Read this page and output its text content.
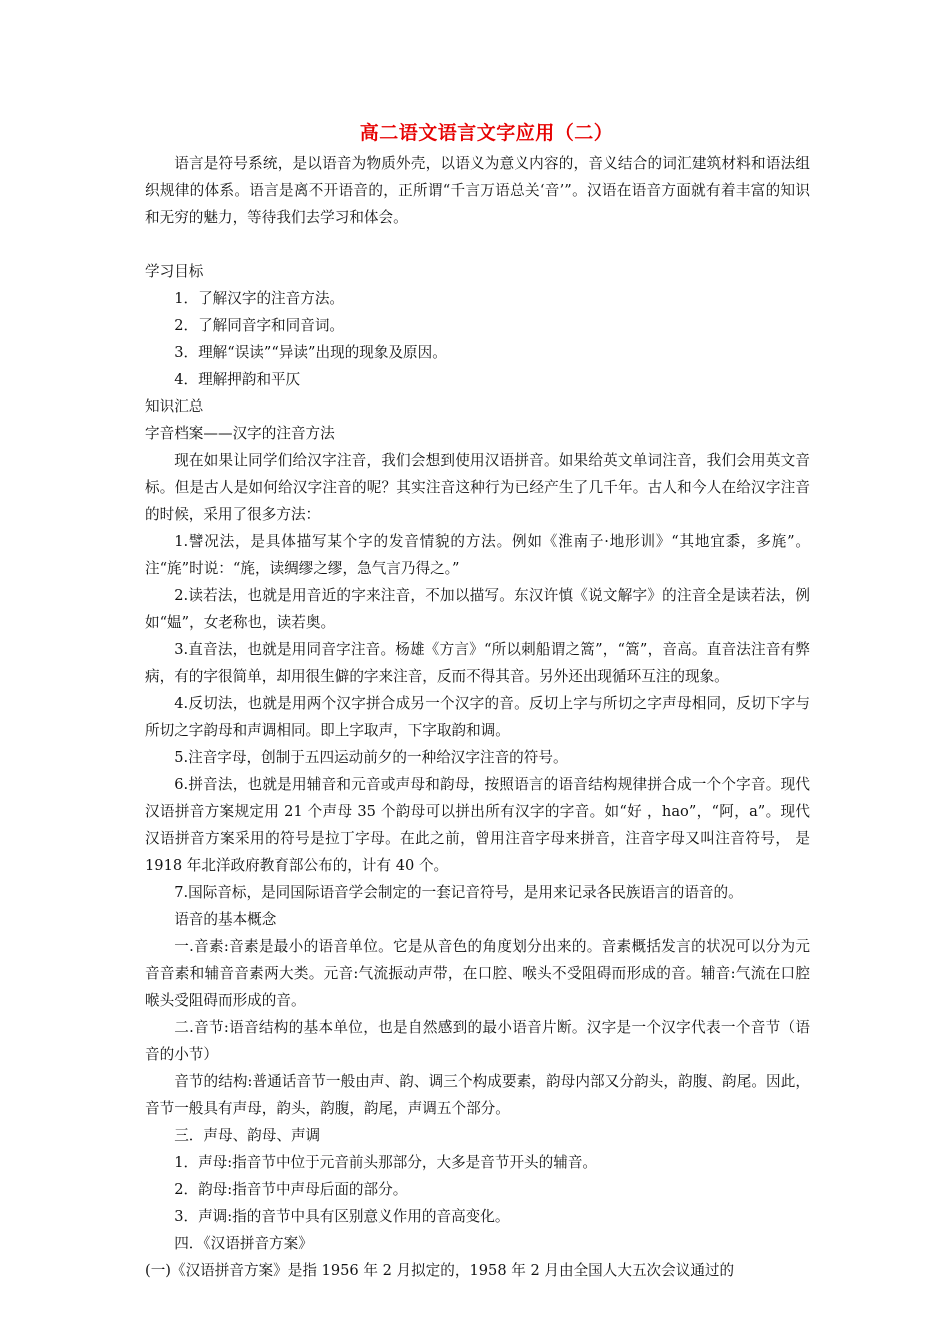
高二语文语言文字应用（二）

语言是符号系统，是以语音为物质外壳，以语义为意义内容的，音义结合的词汇建筑材料和语法组织规律的体系。语言是离不开语音的，正所谓“千言万语总关‘音’”。汉语在语音方面就有着丰富的知识和无穷的魅力，等待我们去学习和体会。

学习目标

1．了解汉字的注音方法。

2．了解同音字和同音词。

3．理解“误读”“异读”出现的现象及原因。

4．理解押韵和平仄

知识汇总

字音档案——汉字的注音方法

现在如果让同学们给汉字注音，我们会想到使用汉语拼音。如果给英文单词注音，我们会用英文音标。但是古人是如何给汉字注音的呢？其实注音这种行为已经产生了几千年。古人和今人在给汉字注音的时候，采用了很多方法：

1.譬况法，是具体描写某个字的发音情貌的方法。例如《淮南子·地形训》“其地宜黍，多旄”。注“旄”时说：“旄，读绸缪之缪，急气言乃得之。”

2.读若法，也就是用音近的字来注音，不加以描写。东汉许慎《说文解字》的注音全是读若法，例如“媪”，女老称也，读若奥。

3.直音法，也就是用同音字注音。杨雄《方言》“所以刺船谓之篙”，“篙”，音高。直音法注音有弊病，有的字很简单，却用很生僻的字来注音，反而不得其音。另外还出现循环互注的现象。

4.反切法，也就是用两个汉字拼合成另一个汉字的音。反切上字与所切之字声母相同，反切下字与所切之字韵母和声调相同。即上字取声，下字取韵和调。

5.注音字母，创制于五四运动前夕的一种给汉字注音的符号。

6.拼音法，也就是用辅音和元音或声母和韵母，按照语言的语音结构规律拼合成一个个字音。现代汉语拼音方案规定用 21 个声母 35 个韵母可以拼出所有汉字的字音。如“好 ，hao”，“阿，a”。现代汉语拼音方案采用的符号是拉丁字母。在此之前，曾用注音字母来拼音，注音字母又叫注音符号， 是 1918 年北洋政府教育部公布的，计有 40 个。

7.国际音标，是同国际语音学会制定的一套记音符号，是用来记录各民族语言的语音的。

语音的基本概念

一.音素:音素是最小的语音单位。它是从音色的角度划分出来的。音素概括发言的状况可以分为元音音素和辅音音素两大类。元音:气流振动声带，在口腔、喉头不受阻碍而形成的音。辅音:气流在口腔喉头受阻碍而形成的音。

二.音节:语音结构的基本单位，也是自然感到的最小语音片断。汉字是一个汉字代表一个音节（语音的小节）

音节的结构:普通话音节一般由声、韵、调三个构成要素，韵母内部又分韵头，韵腹、韵尾。因此，音节一般具有声母，韵头，韵腹，韵尾，声调五个部分。

三．声母、韵母、声调

1．声母:指音节中位于元音前头那部分，大多是音节开头的辅音。

2．韵母:指音节中声母后面的部分。

3．声调:指的音节中具有区别意义作用的音高变化。

四．《汉语拼音方案》

(一)《汉语拼音方案》是指 1956 年 2 月拟定的，1958 年 2 月由全国人大五次会议通过的
